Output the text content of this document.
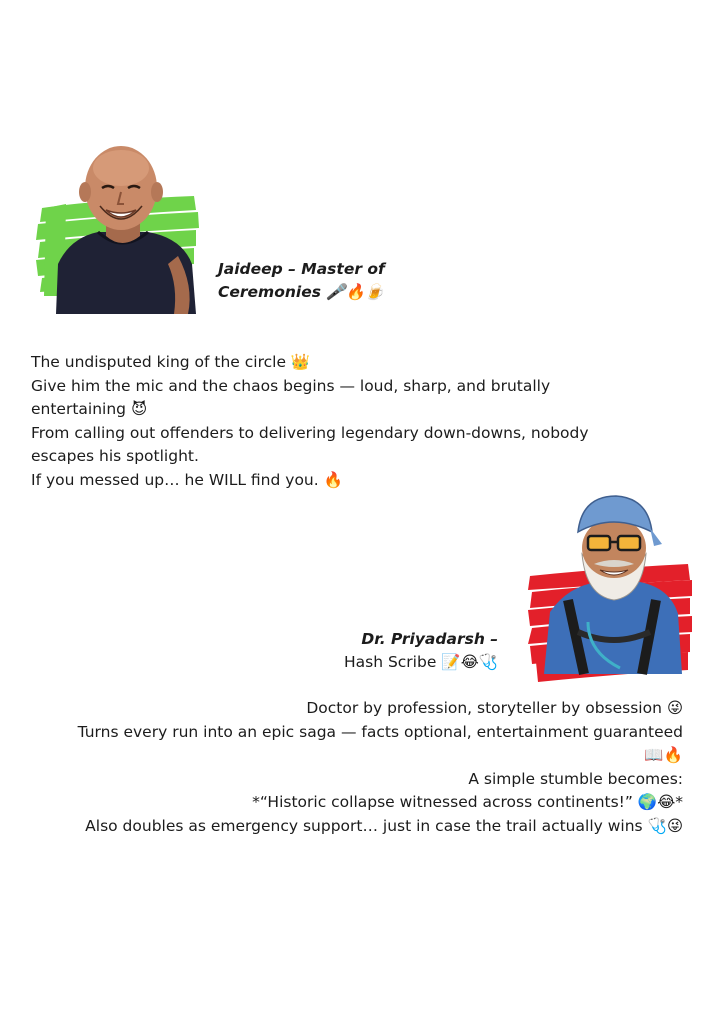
Jaideep – Master of
Ceremonies 🎤🔥🍺
The undisputed king of the circle 👑
Give him the mic and the chaos begins — loud, sharp, and brutally
entertaining 😈
From calling out offenders to delivering legendary down-downs, nobody
escapes his spotlight.
If you messed up… he WILL find you. 🔥
Dr. Priyadarsh –
Hash Scribe 📝😂🩺
Doctor by profession, storyteller by obsession 😜
Turns every run into an epic saga — facts optional, entertainment guaranteed
📖🔥
A simple stumble becomes:
*“Historic collapse witnessed across continents!” 🌍😂*
Also doubles as emergency support… just in case the trail actually wins 🩺😜
